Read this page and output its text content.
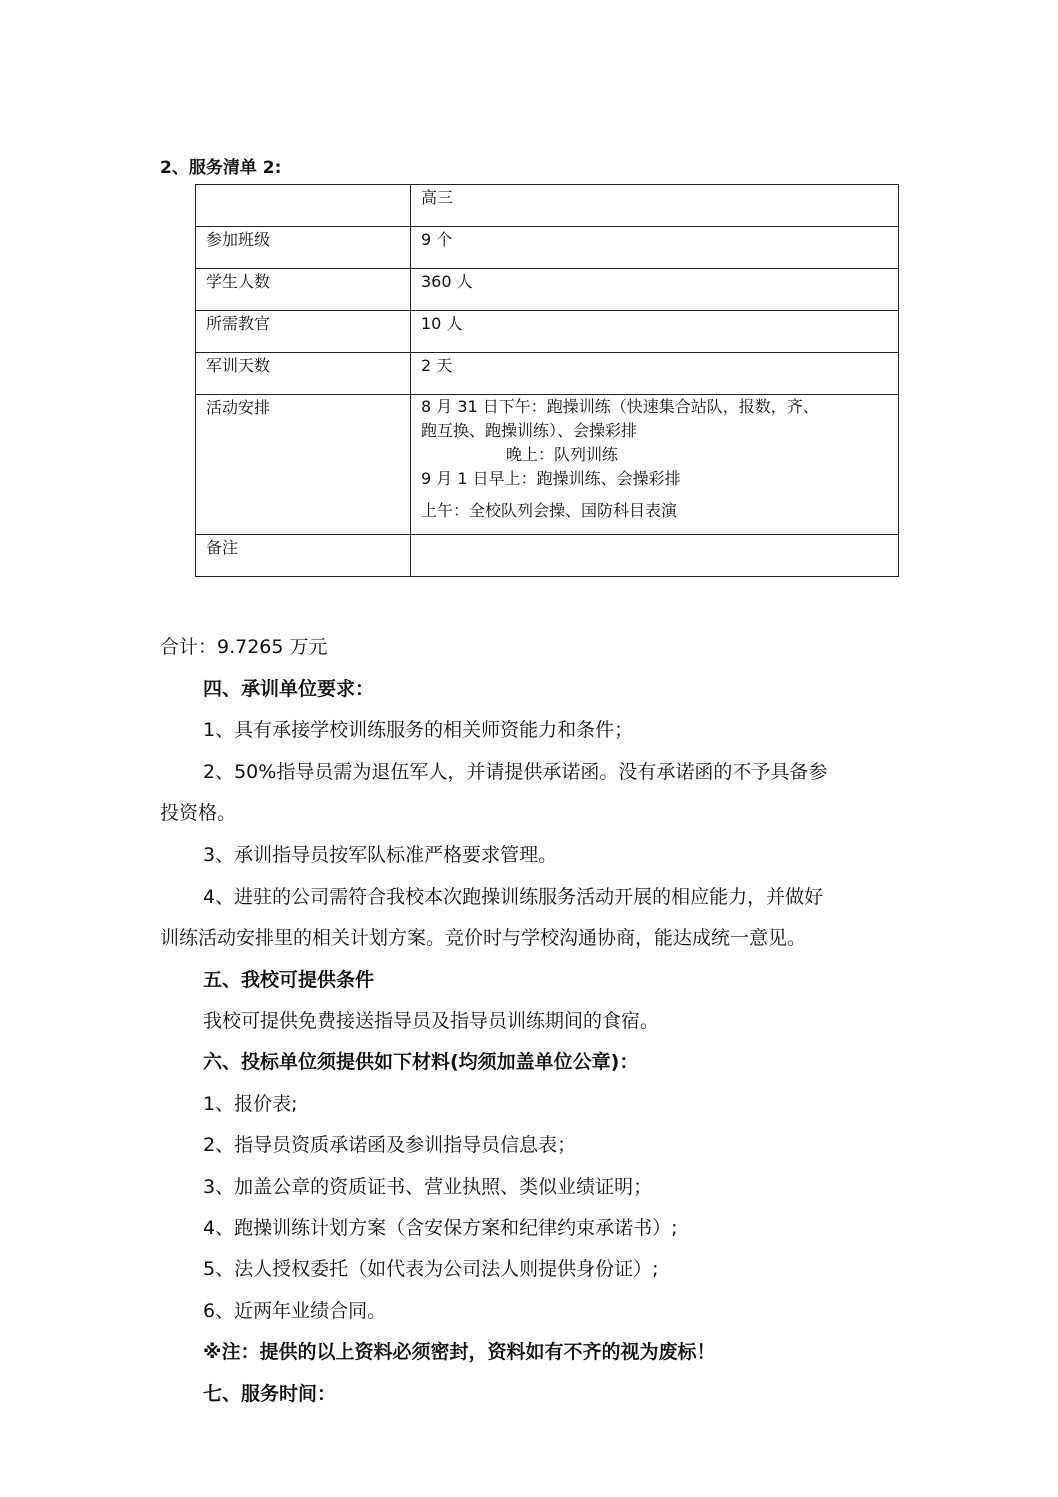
2、服务清单 2:
	高三
参加班级	9 个
学生人数	360 人
所需教官	10 人
军训天数	2 天
活动安排	8 月 31 日下午：跑操训练（快速集合站队，报数，齐、
跑互换、跑操训练）、会操彩排
晚上：队列训练
9 月 1 日早上：跑操训练、会操彩排
上午：全校队列会操、国防科目表演

备注	
合计：9.7265 万元
四、承训单位要求：
1、具有承接学校训练服务的相关师资能力和条件；
2、50%指导员需为退伍军人，并请提供承诺函。没有承诺函的不予具备参
投资格。
3、承训指导员按军队标准严格要求管理。
4、进驻的公司需符合我校本次跑操训练服务活动开展的相应能力，并做好
训练活动安排里的相关计划方案。竞价时与学校沟通协商，能达成统一意见。
五、我校可提供条件
我校可提供免费接送指导员及指导员训练期间的食宿。
六、投标单位须提供如下材料(均须加盖单位公章)：
1、报价表;
2、指导员资质承诺函及参训指导员信息表；
3、加盖公章的资质证书、营业执照、类似业绩证明；
4、跑操训练计划方案（含安保方案和纪律约束承诺书）;
5、法人授权委托（如代表为公司法人则提供身份证）;
6、近两年业绩合同。
※注：提供的以上资料必须密封，资料如有不齐的视为废标！
七、服务时间：
